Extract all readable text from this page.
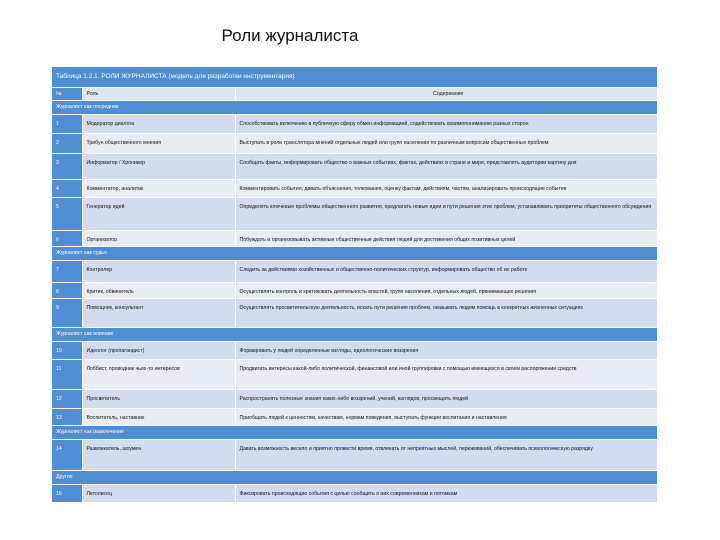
Роли журналиста
Таблица 1.2.1. РОЛИ ЖУРНАЛИСТА (модель для разработки инструментария)		
№	Роль	Содержание
Журналист как посредник		
1	Модератор диалога	Способствовать включению в публичную сферу обмен информацией, содействовать взаимопониманию разных сторон
2	Трибун общественного мнения	Выступать в роли транслятора мнений отдельных людей или групп населения по различным вопросам общественных проблем
3	Информатор / Хроникер	Сообщать факты, информировать общество о важных событиях, фактах, действиях в стране и мире, представлять аудитории картину дня
4	Комментатор, аналитик	Комментировать события, давать объяснения, толкования, оценку фактам, действиям, частям, анализировать происходящие события
5	Генератор идей	Определять ключевые проблемы общественного развития, предлагать новые идеи и пути решения этих проблем, устанавливать приоритеты общественного обсуждения
6	Организатор	Побуждать и организовывать активные общественные действия людей для достижения общих позитивных целей
Журналист как судья		
7	Контролер	Следить за действиями хозяйственных и общественно-политических структур, информировать общество об их работе
8	Критик, обвинитель	Осуществлять контроль и критиковать деятельность властей, групп населения, отдельных людей, принимающих решения
9	Помощник, консультант	Осуществлять просветительскую деятельность, искать пути решения проблем, оказывать людям помощь в конкретных жизненных ситуациях
Журналист как влияние		
10	Идеолог (пропагандист)	Формировать у людей определенные взгляды, идеологические воззрения
11	Лоббист, проводник чьих-то интересов	Продвигать интересы какой-либо политической, финансовой или иной группировки с помощью имеющихся в своем распоряжении средств
12	Просветитель	Распространять полезные знания каких-либо воззрений, учений, взглядов, просвещать людей
13	Воспитатель, наставник	Приобщать людей к ценностям, качествам, нормам поведения, выступать функции воспитания и наставления
Журналист как развлечение		
14	Развлекатель, шоумен	Давать возможность весело и приятно провести время, отвлекать от неприятных мыслей, переживаний, обеспечивать психологическую разрядку
Другие		
15	Летописец	Фиксировать происходящие события с целью сообщить о них современникам и потомкам
